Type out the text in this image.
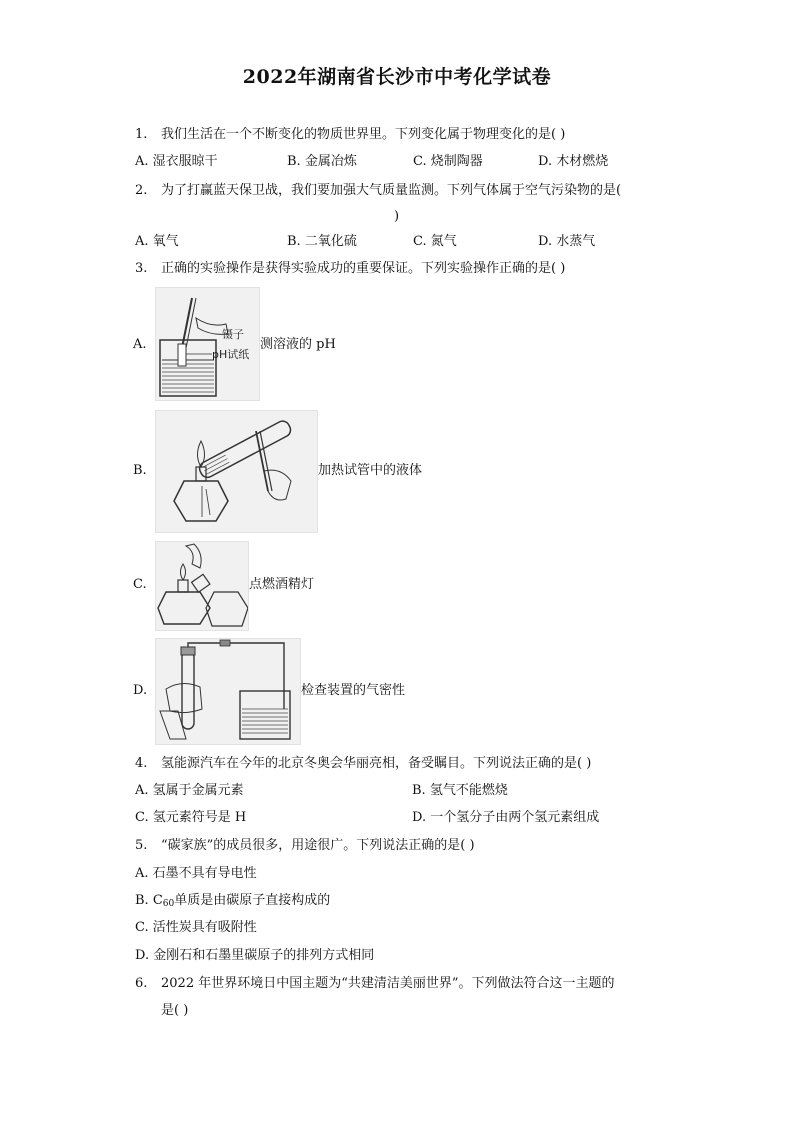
2022年湖南省长沙市中考化学试卷
1. 我们生活在一个不断变化的物质世界里。下列变化属于物理变化的是( )
A. 湿衣服晾干	B. 金属冶炼	C. 烧制陶器	D. 木材燃烧
2. 为了打赢蓝天保卫战，我们要加强大气质量监测。下列气体属于空气污染物的是(
)
A. 氧气	B. 二氧化硫	C. 氮气	D. 水蒸气
3. 正确的实验操作是获得实验成功的重要保证。下列实验操作正确的是( )
A.
镊子
pH试纸
测溶液的 pH
B.	加热试管中的液体
C.	点燃酒精灯
D.	检查装置的气密性
4. 氢能源汽车在今年的北京冬奥会华丽亮相，备受瞩目。下列说法正确的是( )
A. 氢属于金属元素	B. 氢气不能燃烧
C. 氢元素符号是 H	D. 一个氢分子由两个氢元素组成
5. “碳家族”的成员很多，用途很广。下列说法正确的是( )
A. 石墨不具有导电性
B. $C_{60}$单质是由碳原子直接构成的
C. 活性炭具有吸附性
D. 金刚石和石墨里碳原子的排列方式相同
6. 2022 年世界环境日中国主题为“共建清洁美丽世界”。下列做法符合这一主题的
是( )
